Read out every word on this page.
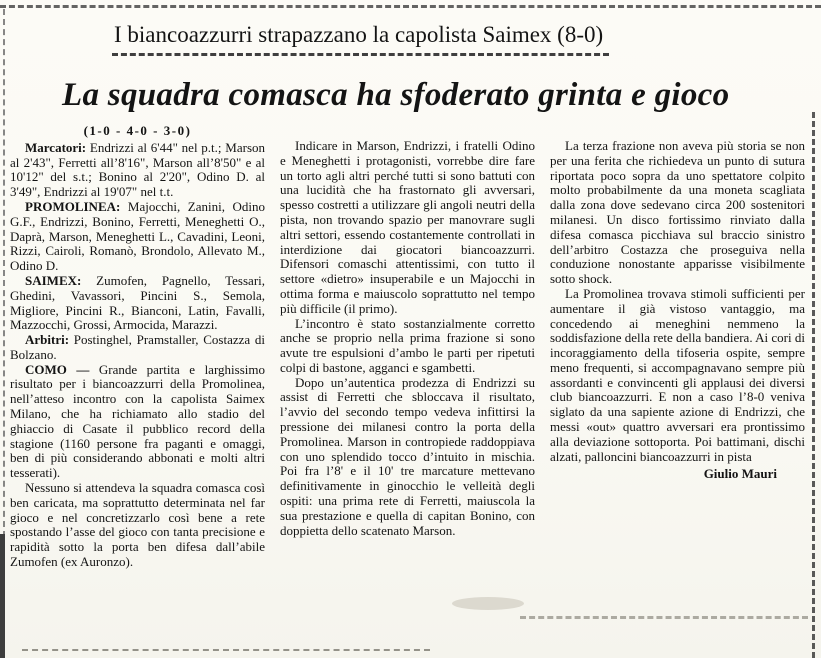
I biancoazzurri strapazzano la capolista Saimex (8-0)
La squadra comasca ha sfoderato grinta e gioco

(1-0 - 4-0 - 3-0)

Marcatori: Endrizzi al 6'44" nel p.t.; Marson al 2'43", Ferretti all’8'16", Marson all’8'50" e al 10'12" del s.t.; Bonino al 2'20", Odino D. al 3'49", Endrizzi al 19'07" nel t.t.

PROMOLINEA: Majocchi, Zanini, Odino G.F., Endrizzi, Bonino, Ferretti, Meneghetti O., Daprà, Marson, Meneghetti L., Cavadini, Leoni, Rizzi, Cairoli, Romanò, Brondolo, Allevato M., Odino D.

SAIMEX: Zumofen, Pagnello, Tessari, Ghedini, Vavassori, Pincini S., Semola, Migliore, Pincini R., Bianconi, Latin, Favalli, Mazzocchi, Grossi, Armocida, Marazzi.

Arbitri: Postinghel, Pramstaller, Costazza di Bolzano.

COMO — Grande partita e larghissimo risultato per i biancoazzurri della Promolinea, nell’atteso incontro con la capolista Saimex Milano, che ha richiamato allo stadio del ghiaccio di Casate il pubblico record della stagione (1160 persone fra paganti e omaggi, ben di più considerando abbonati e molti altri tesserati).

Nessuno si attendeva la squadra comasca così ben caricata, ma soprattutto determinata nel far gioco e nel concretizzarlo così bene a rete spostando l’asse del gioco con tanta precisione e rapidità sotto la porta ben difesa dall’abile Zumofen (ex Auronzo).

Indicare in Marson, Endrizzi, i fratelli Odino e Meneghetti i protagonisti, vorrebbe dire fare un torto agli altri perché tutti si sono battuti con una lucidità che ha frastornato gli avversari, spesso costretti a utilizzare gli angoli neutri della pista, non trovando spazio per manovrare sugli altri settori, essendo costantemente controllati in interdizione dai giocatori biancoazzurri. Difensori comaschi attentissimi, con tutto il settore «dietro» insuperabile e un Majocchi in ottima forma e maiuscolo soprattutto nel tempo più difficile (il primo).

L’incontro è stato sostanzialmente corretto anche se proprio nella prima frazione si sono avute tre espulsioni d’ambo le parti per ripetuti colpi di bastone, agganci e sgambetti.

Dopo un’autentica prodezza di Endrizzi su assist di Ferretti che sbloccava il risultato, l’avvio del secondo tempo vedeva infittirsi la pressione dei milanesi contro la porta della Promolinea. Marson in contropiede raddoppiava con uno splendido tocco d’intuito in mischia. Poi fra l’8' e il 10' tre marcature mettevano definitivamente in ginocchio le velleità degli ospiti: una prima rete di Ferretti, maiuscola la sua prestazione e quella di capitan Bonino, con doppietta dello scatenato Marson.

La terza frazione non aveva più storia se non per una ferita che richiedeva un punto di sutura riportata poco sopra da uno spettatore colpito molto probabilmente da una moneta scagliata dalla zona dove sedevano circa 200 sostenitori milanesi. Un disco fortissimo rinviato dalla difesa comasca picchiava sul braccio sinistro dell’arbitro Costazza che proseguiva nella conduzione nonostante apparisse visibilmente sotto shock.

La Promolinea trovava stimoli sufficienti per aumentare il già vistoso vantaggio, ma concedendo ai meneghini nemmeno la soddisfazione della rete della bandiera. Ai cori di incoraggiamento della tifoseria ospite, sempre meno frequenti, si accompagnavano sempre più assordanti e convincenti gli applausi dei diversi club biancoazzurri. E non a caso l’8-0 veniva siglato da una sapiente azione di Endrizzi, che messi «out» quattro avversari era prontissimo alla deviazione sottoporta. Poi battimani, dischi alzati, palloncini biancoazzurri in pista

Giulio Mauri
